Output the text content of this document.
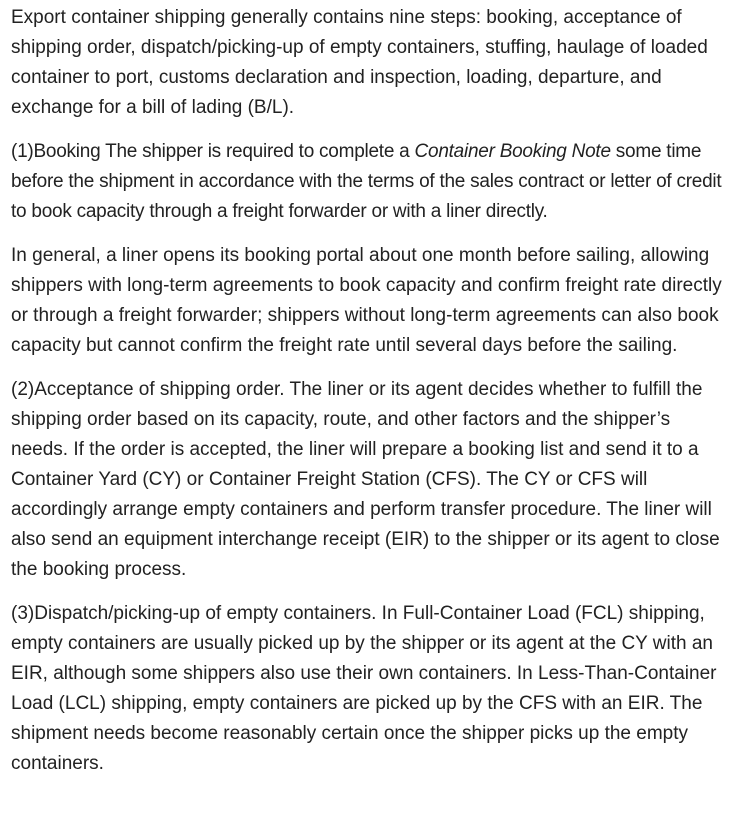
Export container shipping generally contains nine steps: booking, acceptance of shipping order, dispatch/picking-up of empty containers, stuffing, haulage of loaded container to port, customs declaration and inspection, loading, departure, and exchange for a bill of lading (B/L).

(1)Booking The shipper is required to complete a Container Booking Note some time before the shipment in accordance with the terms of the sales contract or letter of credit to book capacity through a freight forwarder or with a liner directly.

In general, a liner opens its booking portal about one month before sailing, allowing shippers with long-term agreements to book capacity and confirm freight rate directly or through a freight forwarder; shippers without long-term agreements can also book capacity but cannot confirm the freight rate until several days before the sailing.

(2)Acceptance of shipping order. The liner or its agent decides whether to fulfill the shipping order based on its capacity, route, and other factors and the shipper’s needs. If the order is accepted, the liner will prepare a booking list and send it to a Container Yard (CY) or Container Freight Station (CFS). The CY or CFS will accordingly arrange empty containers and perform transfer procedure. The liner will also send an equipment interchange receipt (EIR) to the shipper or its agent to close the booking process.

(3)Dispatch/picking-up of empty containers. In Full-Container Load (FCL) shipping, empty containers are usually picked up by the shipper or its agent at the CY with an EIR, although some shippers also use their own containers. In Less-Than-Container Load (LCL) shipping, empty containers are picked up by the CFS with an EIR. The shipment needs become reasonably certain once the shipper picks up the empty containers.
